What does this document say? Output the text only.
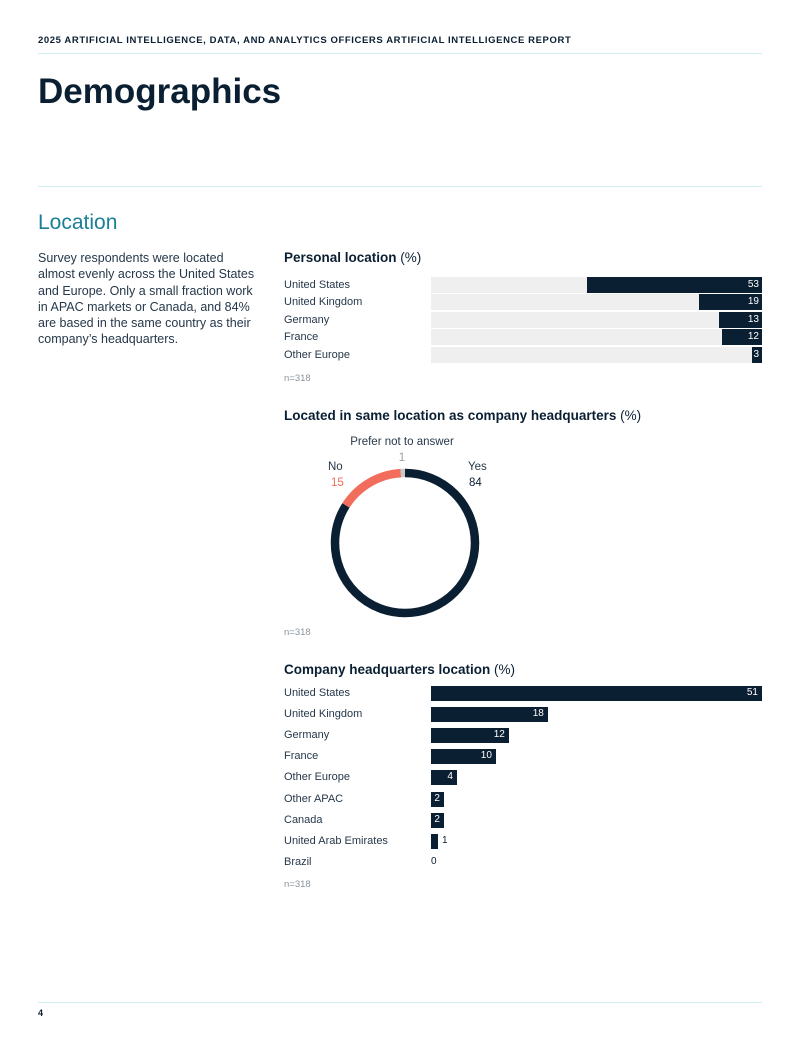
2025 ARTIFICIAL INTELLIGENCE, DATA, AND ANALYTICS OFFICERS ARTIFICIAL INTELLIGENCE REPORT
Demographics
Location
Survey respondents were located almost evenly across the United States and Europe. Only a small fraction work in APAC markets or Canada, and 84% are based in the same country as their company’s headquarters.
Personal location (%)
United States	53
United Kingdom	19
Germany	13
France	12
Other Europe	3
n=318
Located in same location as company headquarters (%)
Prefer not to answer
1
No
15
Yes
84
n=318
Company headquarters location (%)
United States	51
United Kingdom	18
Germany	12
France	10
Other Europe	4
Other APAC	2
Canada	2
United Arab Emirates	1
Brazil	0
n=318
4
